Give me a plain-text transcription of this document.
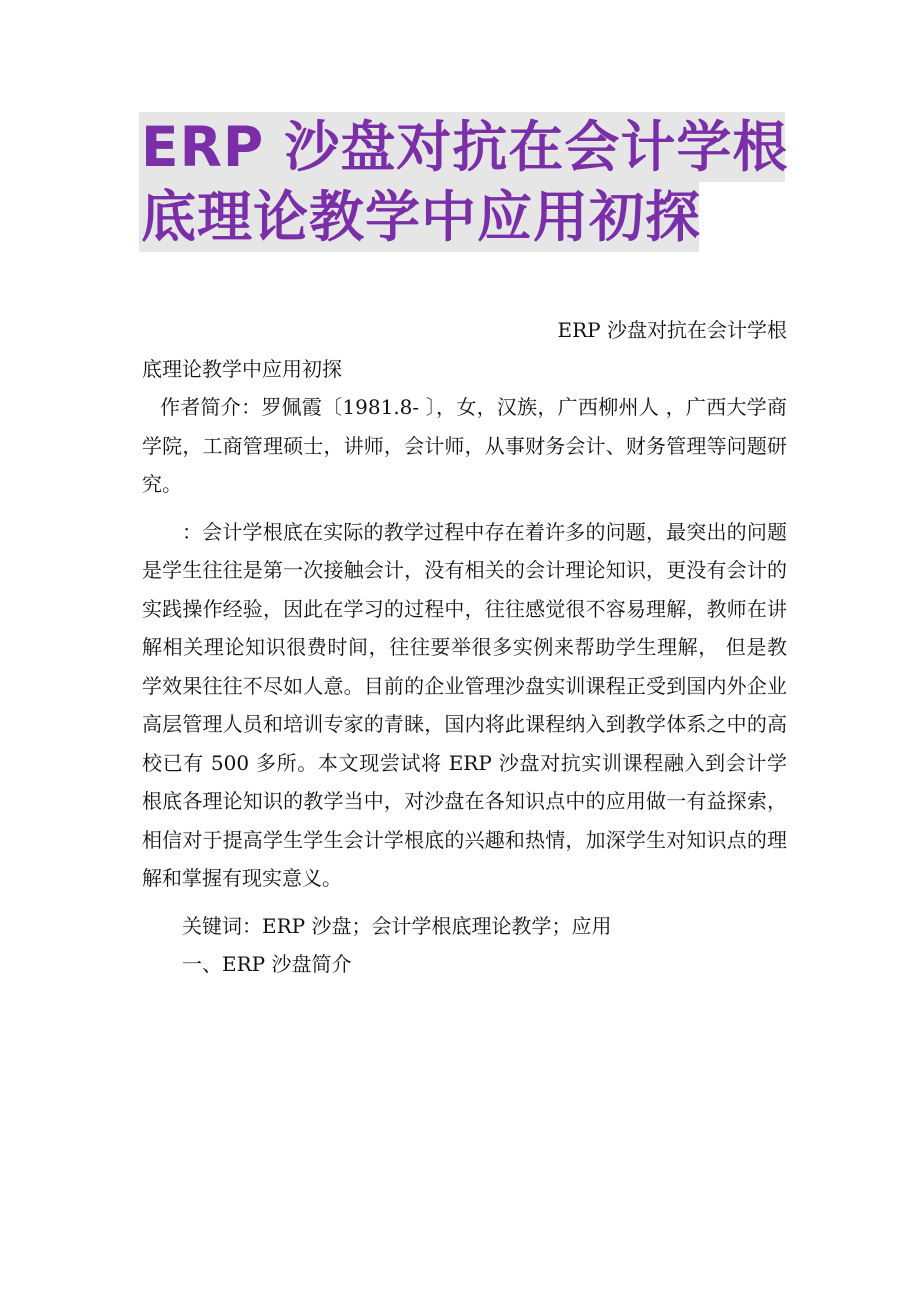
ERP 沙盘对抗在会计学根
底理论教学中应用初探

ERP 沙盘对抗在会计学根

底理论教学中应用初探

作者简介：罗佩霞〔1981.8- 〕，女，汉族，广西柳州人 ，广西大学商学院，工商管理硕士，讲师，会计师，从事财务会计、财务管理等问题研究。

：会计学根底在实际的教学过程中存在着许多的问题，最突出的问题是学生往往是第一次接触会计，没有相关的会计理论知识，更没有会计的实践操作经验，因此在学习的过程中，往往感觉很不容易理解，教师在讲解相关理论知识很费时间，往往要举很多实例来帮助学生理解， 但是教学效果往往不尽如人意。目前的企业管理沙盘实训课程正受到国内外企业高层管理人员和培训专家的青睐，国内将此课程纳入到教学体系之中的高校已有 500 多所。本文现尝试将 ERP 沙盘对抗实训课程融入到会计学根底各理论知识的教学当中，对沙盘在各知识点中的应用做一有益探索，相信对于提高学生学生会计学根底的兴趣和热情，加深学生对知识点的理解和掌握有现实意义。

关键词：ERP 沙盘；会计学根底理论教学；应用

一、ERP 沙盘简介
